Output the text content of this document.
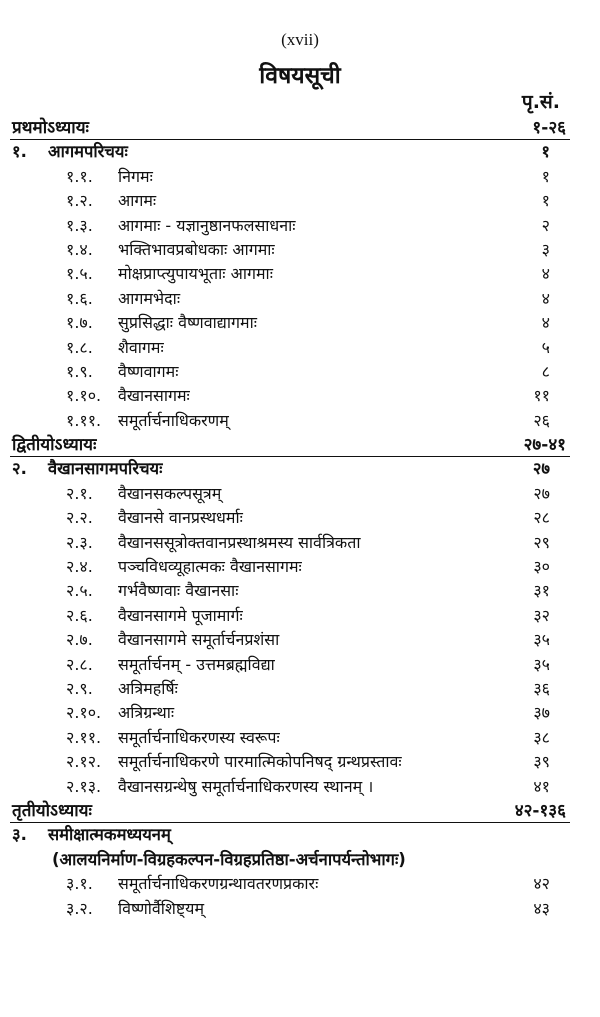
(xvii)
विषयसूची
पृ.सं.
प्रथमोऽध्यायः	१-२६
१. आगमपरिचयः	१
१.१. निगमः	१
१.२. आगमः	१
१.३. आगमाः - यज्ञानुष्ठानफलसाधनाः	२
१.४. भक्तिभावप्रबोधकाः आगमाः	३
१.५. मोक्षप्राप्त्युपायभूताः आगमाः	४
१.६. आगमभेदाः	४
१.७. सुप्रसिद्धाः वैष्णवाद्यागमाः	४
१.८. शैवागमः	५
१.९. वैष्णवागमः	८
१.१०. वैखानसागमः	११
१.११. समूर्तार्चनाधिकरणम्	२६
द्वितीयोऽध्यायः	२७-४१
२. वैखानसागमपरिचयः	२७
२.१. वैखानसकल्पसूत्रम्	२७
२.२. वैखानसे वानप्रस्थधर्माः	२८
२.३. वैखानससूत्रोक्तवानप्रस्थाश्रमस्य सार्वत्रिकता	२९
२.४. पञ्चविधव्यूहात्मकः वैखानसागमः	३०
२.५. गर्भवैष्णवाः वैखानसाः	३१
२.६. वैखानसागमे पूजामार्गः	३२
२.७. वैखानसागमे समूर्तार्चनप्रशंसा	३५
२.८. समूर्तार्चनम् - उत्तमब्रह्मविद्या	३५
२.९. अत्रिमहर्षिः	३६
२.१०. अत्रिग्रन्थाः	३७
२.११. समूर्तार्चनाधिकरणस्य स्वरूपः	३८
२.१२. समूर्तार्चनाधिकरणे पारमात्मिकोपनिषद् ग्रन्थप्रस्तावः	३९
२.१३. वैखानसग्रन्थेषु समूर्तार्चनाधिकरणस्य स्थानम् ।	४१
तृतीयोऽध्यायः	४२-१३६
३. समीक्षात्मकमध्ययनम्
(आलयनिर्माण-विग्रहकल्पन-विग्रहप्रतिष्ठा-अर्चनापर्यन्तोभागः)
३.१. समूर्तार्चनाधिकरणग्रन्थावतरणप्रकारः	४२
३.२. विष्णोर्वैशिष्ट्यम्	४३
